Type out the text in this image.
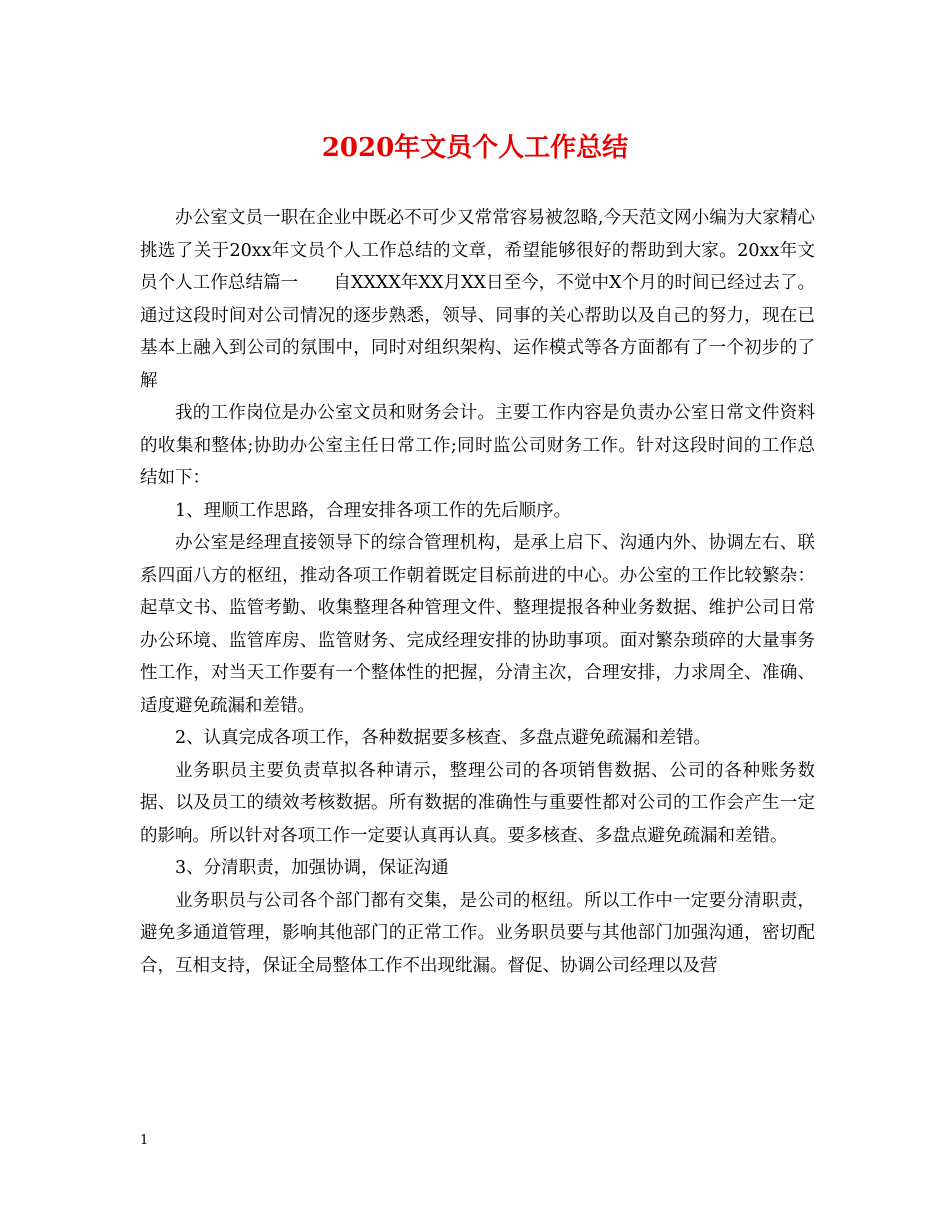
2020年文员个人工作总结

办公室文员一职在企业中既必不可少又常常容易被忽略,今天范文网小编为大家精心挑选了关于20xx年文员个人工作总结的文章，希望能够很好的帮助到大家。20xx年文员个人工作总结篇一　　自XXXX年XX月XX日至今，不觉中X个月的时间已经过去了。通过这段时间对公司情况的逐步熟悉，领导、同事的关心帮助以及自己的努力，现在已基本上融入到公司的氛围中，同时对组织架构、运作模式等各方面都有了一个初步的了解

我的工作岗位是办公室文员和财务会计。主要工作内容是负责办公室日常文件资料的收集和整体;协助办公室主任日常工作;同时监公司财务工作。针对这段时间的工作总结如下：

1、理顺工作思路，合理安排各项工作的先后顺序。

办公室是经理直接领导下的综合管理机构，是承上启下、沟通内外、协调左右、联系四面八方的枢纽，推动各项工作朝着既定目标前进的中心。办公室的工作比较繁杂：起草文书、监管考勤、收集整理各种管理文件、整理提报各种业务数据、维护公司日常办公环境、监管库房、监管财务、完成经理安排的协助事项。面对繁杂琐碎的大量事务性工作，对当天工作要有一个整体性的把握，分清主次，合理安排，力求周全、准确、适度避免疏漏和差错。

2、认真完成各项工作，各种数据要多核查、多盘点避免疏漏和差错。

业务职员主要负责草拟各种请示，整理公司的各项销售数据、公司的各种账务数据、以及员工的绩效考核数据。所有数据的准确性与重要性都对公司的工作会产生一定的影响。所以针对各项工作一定要认真再认真。要多核查、多盘点避免疏漏和差错。

3、分清职责，加强协调，保证沟通

业务职员与公司各个部门都有交集，是公司的枢纽。所以工作中一定要分清职责，避免多通道管理，影响其他部门的正常工作。业务职员要与其他部门加强沟通，密切配合，互相支持，保证全局整体工作不出现纰漏。督促、协调公司经理以及营

1
